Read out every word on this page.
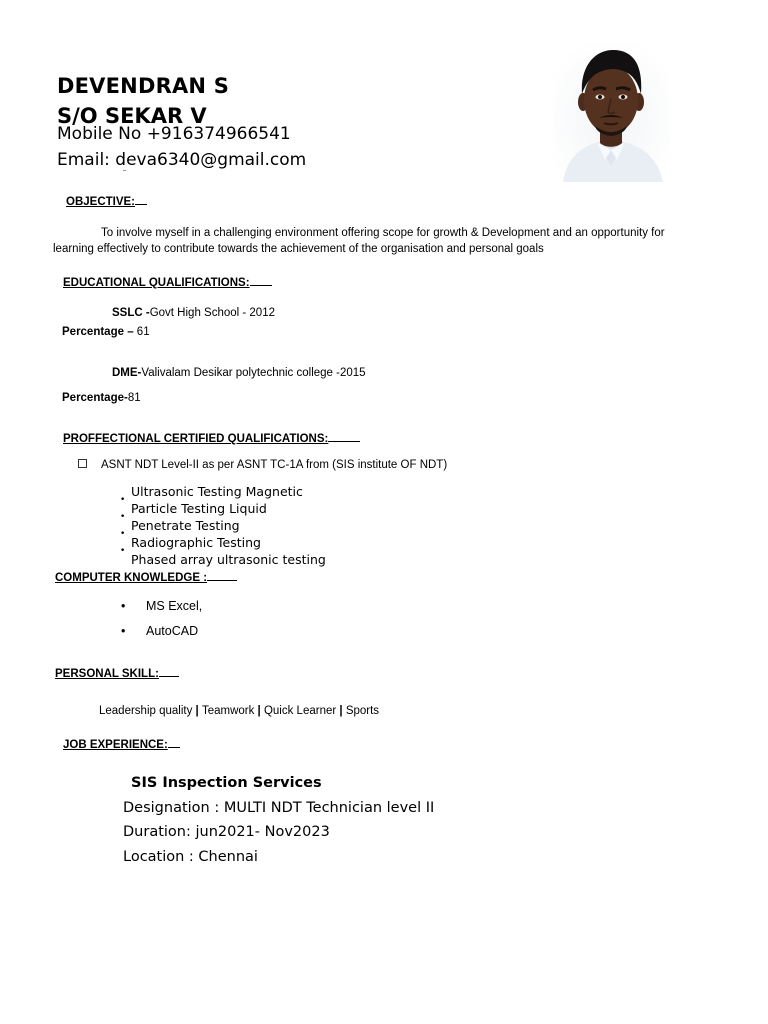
DEVENDRAN S
S/O SEKAR V
Mobile No +916374966541
Email: deva6340@gmail.com
OBJECTIVE:
To involve myself in a challenging environment offering scope for growth & Development and an opportunity for
learning effectively to contribute towards the achievement of the organisation and personal goals
EDUCATIONAL QUALIFICATIONS:
SSLC -Govt High School - 2012
Percentage – 61
DME-Valivalam Desikar polytechnic college -2015
Percentage-81
PROFFECTIONAL CERTIFIED QUALIFICATIONS:
ASNT NDT Level-II as per ASNT TC-1A from (SIS institute OF NDT)
•
Ultrasonic Testing Magnetic
•
Particle Testing Liquid
•
Penetrate Testing
•
Radiographic Testing
Phased array ultrasonic testing
COMPUTER KNOWLEDGE :
• MS Excel,
• AutoCAD
PERSONAL SKILL:
Leadership quality | Teamwork | Quick Learner | Sports
JOB EXPERIENCE:
SIS Inspection Services
Designation : MULTI NDT Technician level II
Duration: jun2021- Nov2023
Location : Chennai
